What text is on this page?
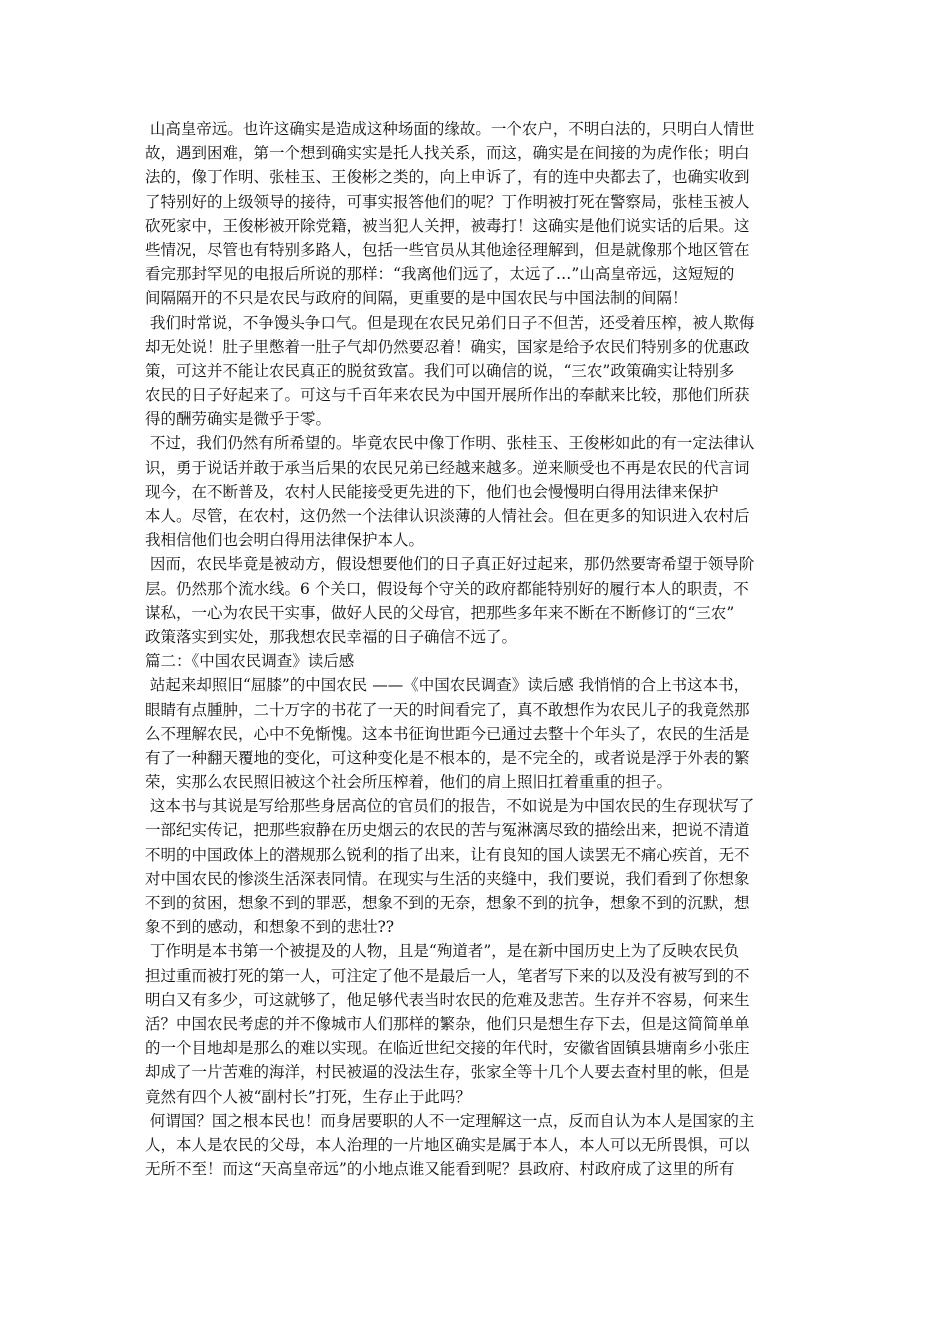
山高皇帝远。也许这确实是造成这种场面的缘故。一个农户，不明白法的，只明白人情世
故，遇到困难，第一个想到确实实是托人找关系，而这，确实是在间接的为虎作伥；明白
法的，像丁作明、张桂玉、王俊彬之类的，向上申诉了，有的连中央都去了，也确实收到
了特别好的上级领导的接待，可事实报答他们的呢？丁作明被打死在警察局，张桂玉被人
砍死家中，王俊彬被开除党籍，被当犯人关押，被毒打！这确实是他们说实话的后果。这
些情况，尽管也有特别多路人，包括一些官员从其他途径理解到，但是就像那个地区管在
看完那封罕见的电报后所说的那样：“我离他们远了，太远了…”山高皇帝远，这短短的
间隔隔开的不只是农民与政府的间隔，更重要的是中国农民与中国法制的间隔！
我们时常说，不争馒头争口气。但是现在农民兄弟们日子不但苦，还受着压榨，被人欺侮
却无处说！肚子里憋着一肚子气却仍然要忍着！确实，国家是给予农民们特别多的优惠政
策，可这并不能让农民真正的脱贫致富。我们可以确信的说，“三农”政策确实让特别多
农民的日子好起来了。可这与千百年来农民为中国开展所作出的奉献来比较，那他们所获
得的酬劳确实是微乎于零。
不过，我们仍然有所希望的。毕竟农民中像丁作明、张桂玉、王俊彬如此的有一定法律认
识，勇于说话并敢于承当后果的农民兄弟已经越来越多。逆来顺受也不再是农民的代言词
现今，在不断普及，农村人民能接受更先进的下，他们也会慢慢明白得用法律来保护
本人。尽管，在农村，这仍然一个法律认识淡薄的人情社会。但在更多的知识进入农村后
我相信他们也会明白得用法律保护本人。
因而，农民毕竟是被动方，假设想要他们的日子真正好过起来，那仍然要寄希望于领导阶
层。仍然那个流水线。6 个关口，假设每个守关的政府都能特别好的履行本人的职责，不
谋私，一心为农民干实事，做好人民的父母官，把那些多年来不断在不断修订的“三农”
政策落实到实处，那我想农民幸福的日子确信不远了。
篇二：《中国农民调查》读后感
站起来却照旧“屈膝”的中国农民 ——《中国农民调查》读后感 我悄悄的合上书这本书，
眼睛有点腫肿，二十万字的书花了一天的时间看完了，真不敢想作为农民儿子的我竟然那
么不理解农民，心中不免惭愧。这本书征询世距今已通过去整十个年头了，农民的生活是
有了一种翻天覆地的变化，可这种变化是不根本的，是不完全的，或者说是浮于外表的繁
荣，实那么农民照旧被这个社会所压榨着，他们的肩上照旧扛着重重的担子。
这本书与其说是写给那些身居高位的官员们的报告，不如说是为中国农民的生存现状写了
一部纪实传记，把那些寂静在历史烟云的农民的苦与冤淋漓尽致的描绘出来，把说不清道
不明的中国政体上的潜规那么锐利的指了出来，让有良知的国人读罢无不痛心疾首，无不
对中国农民的惨淡生活深表同情。在现实与生活的夹缝中，我们要说，我们看到了你想象
不到的贫困，想象不到的罪恶，想象不到的无奈，想象不到的抗争，想象不到的沉默，想
象不到的感动，和想象不到的悲壮??
丁作明是本书第一个被提及的人物，且是“殉道者”，是在新中国历史上为了反映农民负
担过重而被打死的第一人，可注定了他不是最后一人，笔者写下来的以及没有被写到的不
明白又有多少，可这就够了，他足够代表当时农民的危难及悲苦。生存并不容易，何来生
活？中国农民考虑的并不像城市人们那样的繁杂，他们只是想生存下去，但是这简简单单
的一个目地却是那么的难以实现。在临近世纪交接的年代时，安徽省固镇县塘南乡小张庄
却成了一片苦难的海洋，村民被逼的没法生存，张家全等十几个人要去查村里的帐，但是
竟然有四个人被“副村长”打死，生存止于此吗？
何谓国？国之根本民也！而身居要职的人不一定理解这一点，反而自认为本人是国家的主
人，本人是农民的父母，本人治理的一片地区确实是属于本人，本人可以无所畏惧，可以
无所不至！而这“天高皇帝远”的小地点谁又能看到呢？县政府、村政府成了这里的所有
